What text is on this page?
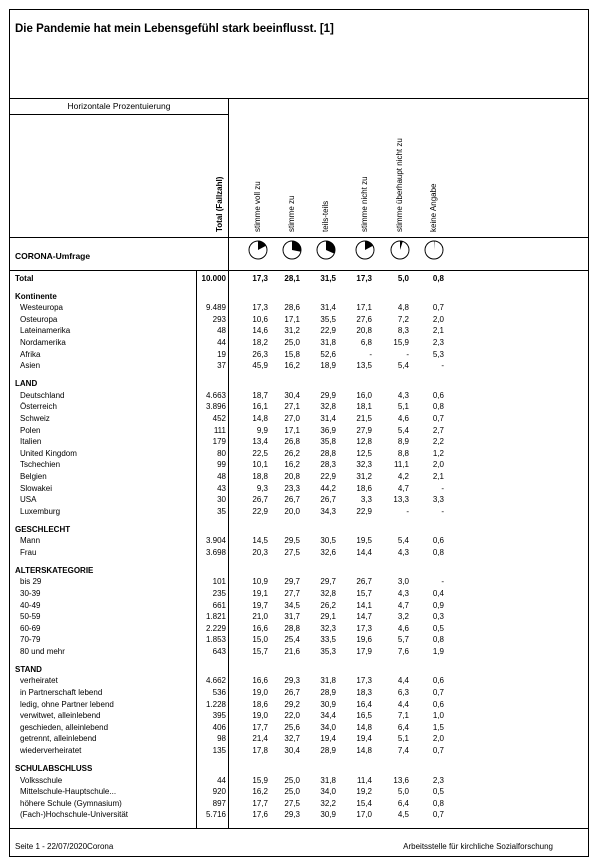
Die Pandemie hat mein Lebensgefühl stark beeinflusst. [1]
Horizontale Prozentuierung
Total (Fallzahl)	stimme voll zu	stimme zu	teils-teils	stimme nicht zu	stimme überhaupt nicht zu	keine Angabe
CORONA-Umfrage
Total	10.000	17,3	28,1	31,5	17,3	5,0	0,8
Kontinente
Westeuropa	9.489	17,3	28,6	31,4	17,1	4,8	0,7
Osteuropa	293	10,6	17,1	35,5	27,6	7,2	2,0
Lateinamerika	48	14,6	31,2	22,9	20,8	8,3	2,1
Nordamerika	44	18,2	25,0	31,8	6,8	15,9	2,3
Afrika	19	26,3	15,8	52,6	-	-	5,3
Asien	37	45,9	16,2	18,9	13,5	5,4	-
LAND
Deutschland	4.663	18,7	30,4	29,9	16,0	4,3	0,6
Österreich	3.896	16,1	27,1	32,8	18,1	5,1	0,8
Schweiz	452	14,8	27,0	31,4	21,5	4,6	0,7
Polen	111	9,9	17,1	36,9	27,9	5,4	2,7
Italien	179	13,4	26,8	35,8	12,8	8,9	2,2
United Kingdom	80	22,5	26,2	28,8	12,5	8,8	1,2
Tschechien	99	10,1	16,2	28,3	32,3	11,1	2,0
Belgien	48	18,8	20,8	22,9	31,2	4,2	2,1
Slowakei	43	9,3	23,3	44,2	18,6	4,7	-
USA	30	26,7	26,7	26,7	3,3	13,3	3,3
Luxemburg	35	22,9	20,0	34,3	22,9	-	-
GESCHLECHT
Mann	3.904	14,5	29,5	30,5	19,5	5,4	0,6
Frau	3.698	20,3	27,5	32,6	14,4	4,3	0,8
ALTERSKATEGORIE
bis 29	101	10,9	29,7	29,7	26,7	3,0	-
30-39	235	19,1	27,7	32,8	15,7	4,3	0,4
40-49	661	19,7	34,5	26,2	14,1	4,7	0,9
50-59	1.821	21,0	31,7	29,1	14,7	3,2	0,3
60-69	2.229	16,6	28,8	32,3	17,3	4,6	0,5
70-79	1.853	15,0	25,4	33,5	19,6	5,7	0,8
80 und mehr	643	15,7	21,6	35,3	17,9	7,6	1,9
STAND
verheiratet	4.662	16,6	29,3	31,8	17,3	4,4	0,6
in Partnerschaft lebend	536	19,0	26,7	28,9	18,3	6,3	0,7
ledig, ohne Partner lebend	1.228	18,6	29,2	30,9	16,4	4,4	0,6
verwitwet, alleinlebend	395	19,0	22,0	34,4	16,5	7,1	1,0
geschieden, alleinlebend	406	17,7	25,6	34,0	14,8	6,4	1,5
getrennt, alleinlebend	98	21,4	32,7	19,4	19,4	5,1	2,0
wiederverheiratet	135	17,8	30,4	28,9	14,8	7,4	0,7
SCHULABSCHLUSS
Volksschule	44	15,9	25,0	31,8	11,4	13,6	2,3
Mittelschule-Hauptschule...	920	16,2	25,0	34,0	19,2	5,0	0,5
höhere Schule (Gymnasium)	897	17,7	27,5	32,2	15,4	6,4	0,8
(Fach-)Hochschule-Universität	5.716	17,6	29,3	30,9	17,0	4,5	0,7
Seite 1 - 22/07/2020Corona	Arbeitsstelle für kirchliche Sozialforschung
